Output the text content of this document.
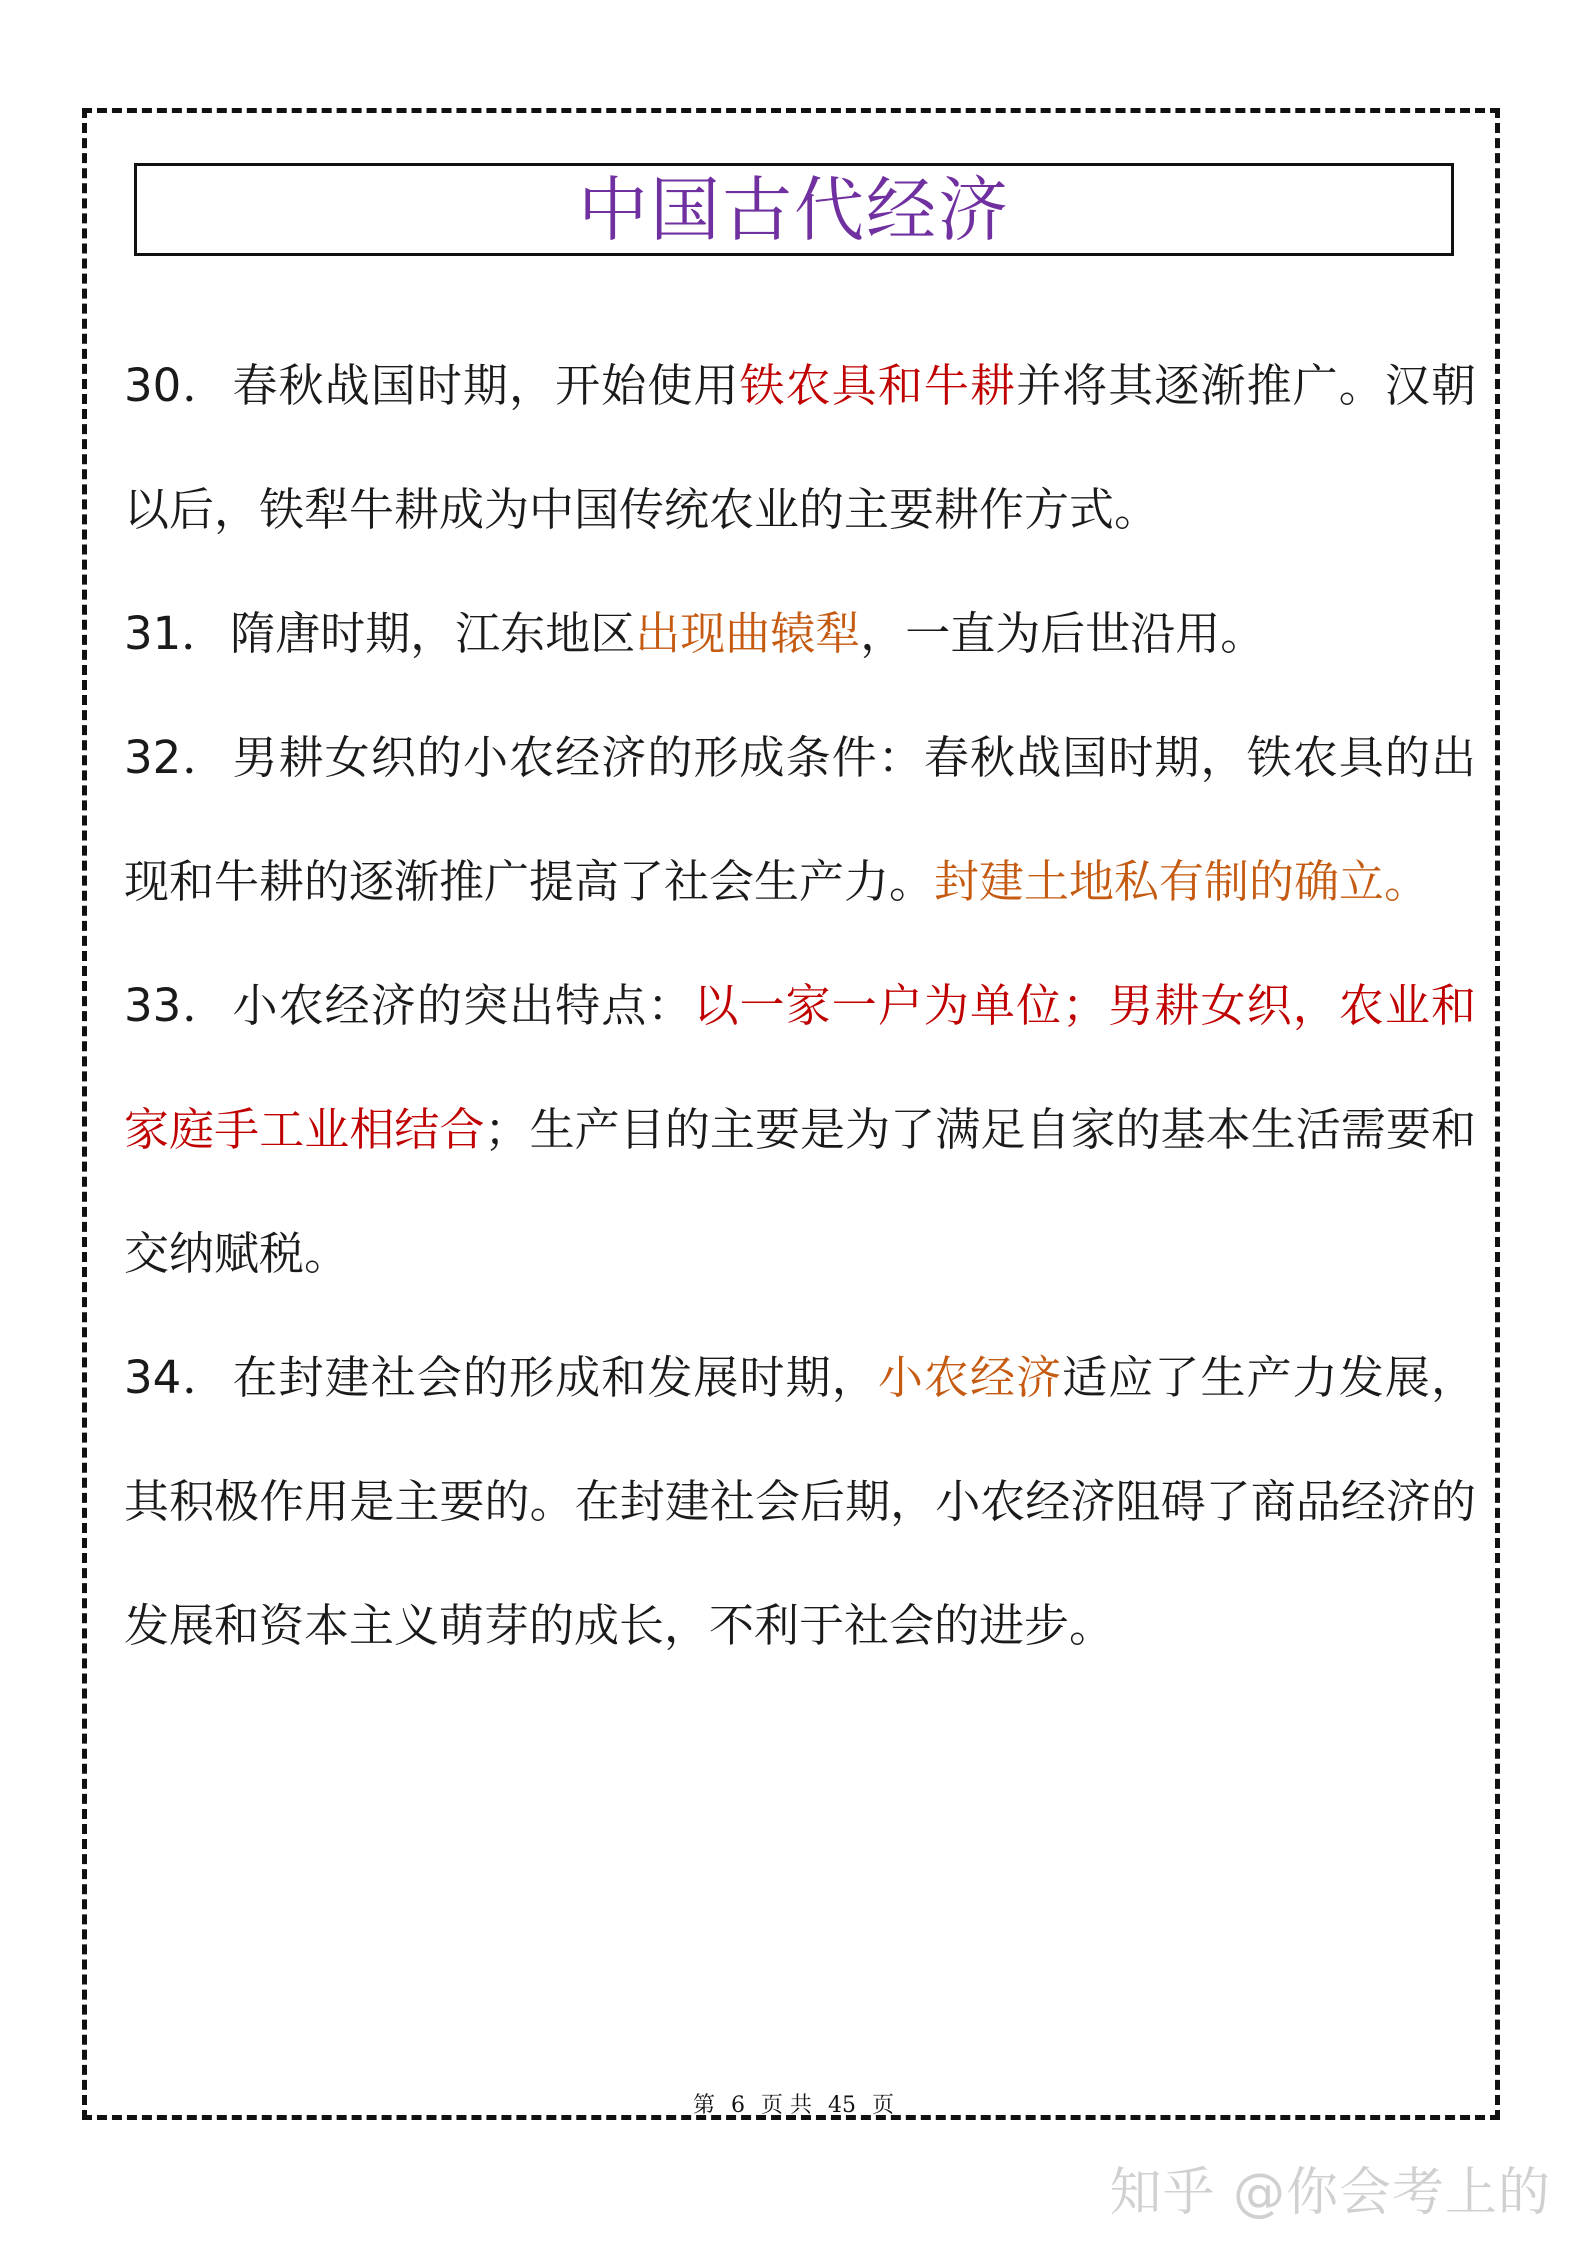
中国古代经济

30．春秋战国时期，开始使用铁农具和牛耕并将其逐渐推广。汉朝以后，铁犁牛耕成为中国传统农业的主要耕作方式。

31．隋唐时期，江东地区出现曲辕犁，一直为后世沿用。

32．男耕女织的小农经济的形成条件：春秋战国时期，铁农具的出现和牛耕的逐渐推广提高了社会生产力。封建土地私有制的确立。

33．小农经济的突出特点：以一家一户为单位；男耕女织，农业和家庭手工业相结合；生产目的主要是为了满足自家的基本生活需要和交纳赋税。

34．在封建社会的形成和发展时期，小农经济适应了生产力发展，其积极作用是主要的。在封建社会后期，小农经济阻碍了商品经济的发展和资本主义萌芽的成长，不利于社会的进步。

第 6 页 共 45 页
知乎 @你会考上的
